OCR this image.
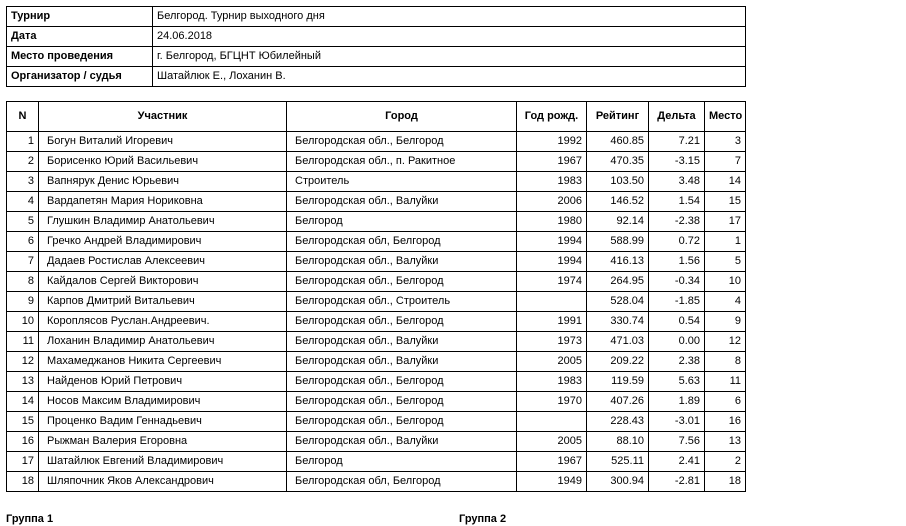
Турнир	Белгород. Турнир выходного дня
Дата	24.06.2018
Место проведения	г. Белгород, БГЦНТ Юбилейный
Организатор / судья	Шатайлюк Е., Лоханин В.
N	Участник	Город	Год рожд.	Рейтинг	Дельта	Место
1	Богун Виталий Игоревич	Белгородская обл., Белгород	1992	460.85	7.21	3
2	Борисенко Юрий Васильевич	Белгородская обл., п. Ракитное	1967	470.35	-3.15	7
3	Вапнярук Денис Юрьевич	Строитель	1983	103.50	3.48	14
4	Вардапетян Мария Нориковна	Белгородская обл., Валуйки	2006	146.52	1.54	15
5	Глушкин Владимир Анатольевич	Белгород	1980	92.14	-2.38	17
6	Гречко Андрей Владимирович	Белгородская обл, Белгород	1994	588.99	0.72	1
7	Дадаев Ростислав Алексеевич	Белгородская обл., Валуйки	1994	416.13	1.56	5
8	Кайдалов Сергей Викторович	Белгородская обл., Белгород	1974	264.95	-0.34	10
9	Карпов Дмитрий Витальевич	Белгородская обл., Строитель		528.04	-1.85	4
10	Короплясов Руслан.Андреевич.	Белгородская обл., Белгород	1991	330.74	0.54	9
11	Лоханин Владимир Анатольевич	Белгородская обл., Валуйки	1973	471.03	0.00	12
12	Махамеджанов Никита Сергеевич	Белгородская обл., Валуйки	2005	209.22	2.38	8
13	Найденов Юрий Петрович	Белгородская обл., Белгород	1983	119.59	5.63	11
14	Носов Максим Владимирович	Белгородская обл., Белгород	1970	407.26	1.89	6
15	Проценко Вадим Геннадьевич	Белгородская обл., Белгород		228.43	-3.01	16
16	Рыжман Валерия Егоровна	Белгородская обл., Валуйки	2005	88.10	7.56	13
17	Шатайлюк Евгений Владимирович	Белгород	1967	525.11	2.41	2
18	Шляпочник Яков Александрович	Белгородская обл, Белгород	1949	300.94	-2.81	18
Группа 1	Группа 2
